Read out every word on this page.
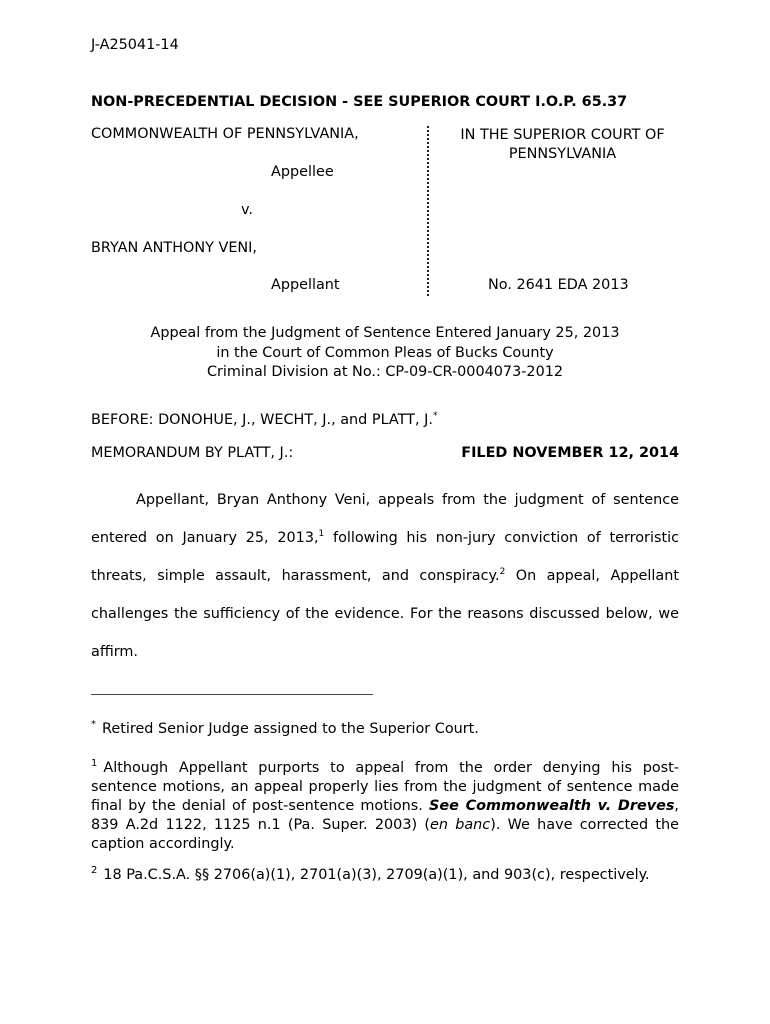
J-A25041-14
NON-PRECEDENTIAL DECISION - SEE SUPERIOR COURT I.O.P. 65.37
COMMONWEALTH OF PENNSYLVANIA,
Appellee
v.
BRYAN ANTHONY VENI,
Appellant
IN THE SUPERIOR COURT OF PENNSYLVANIA
No. 2641 EDA 2013
Appeal from the Judgment of Sentence Entered January 25, 2013
in the Court of Common Pleas of Bucks County
Criminal Division at No.: CP-09-CR-0004073-2012
BEFORE: DONOHUE, J., WECHT, J., and PLATT, J.*
MEMORANDUM BY PLATT, J.:	FILED NOVEMBER 12, 2014
Appellant, Bryan Anthony Veni, appeals from the judgment of sentence entered on January 25, 2013,$^1$ following his non-jury conviction of terroristic threats, simple assault, harassment, and conspiracy.$^2$ On appeal, Appellant challenges the sufficiency of the evidence. For the reasons discussed below, we affirm.
* Retired Senior Judge assigned to the Superior Court.
$^1$ Although Appellant purports to appeal from the order denying his post-sentence motions, an appeal properly lies from the judgment of sentence made final by the denial of post-sentence motions. See Commonwealth v. Dreves, 839 A.2d 1122, 1125 n.1 (Pa. Super. 2003) (en banc). We have corrected the caption accordingly.
$^2$ 18 Pa.C.S.A. §§ 2706(a)(1), 2701(a)(3), 2709(a)(1), and 903(c), respectively.
